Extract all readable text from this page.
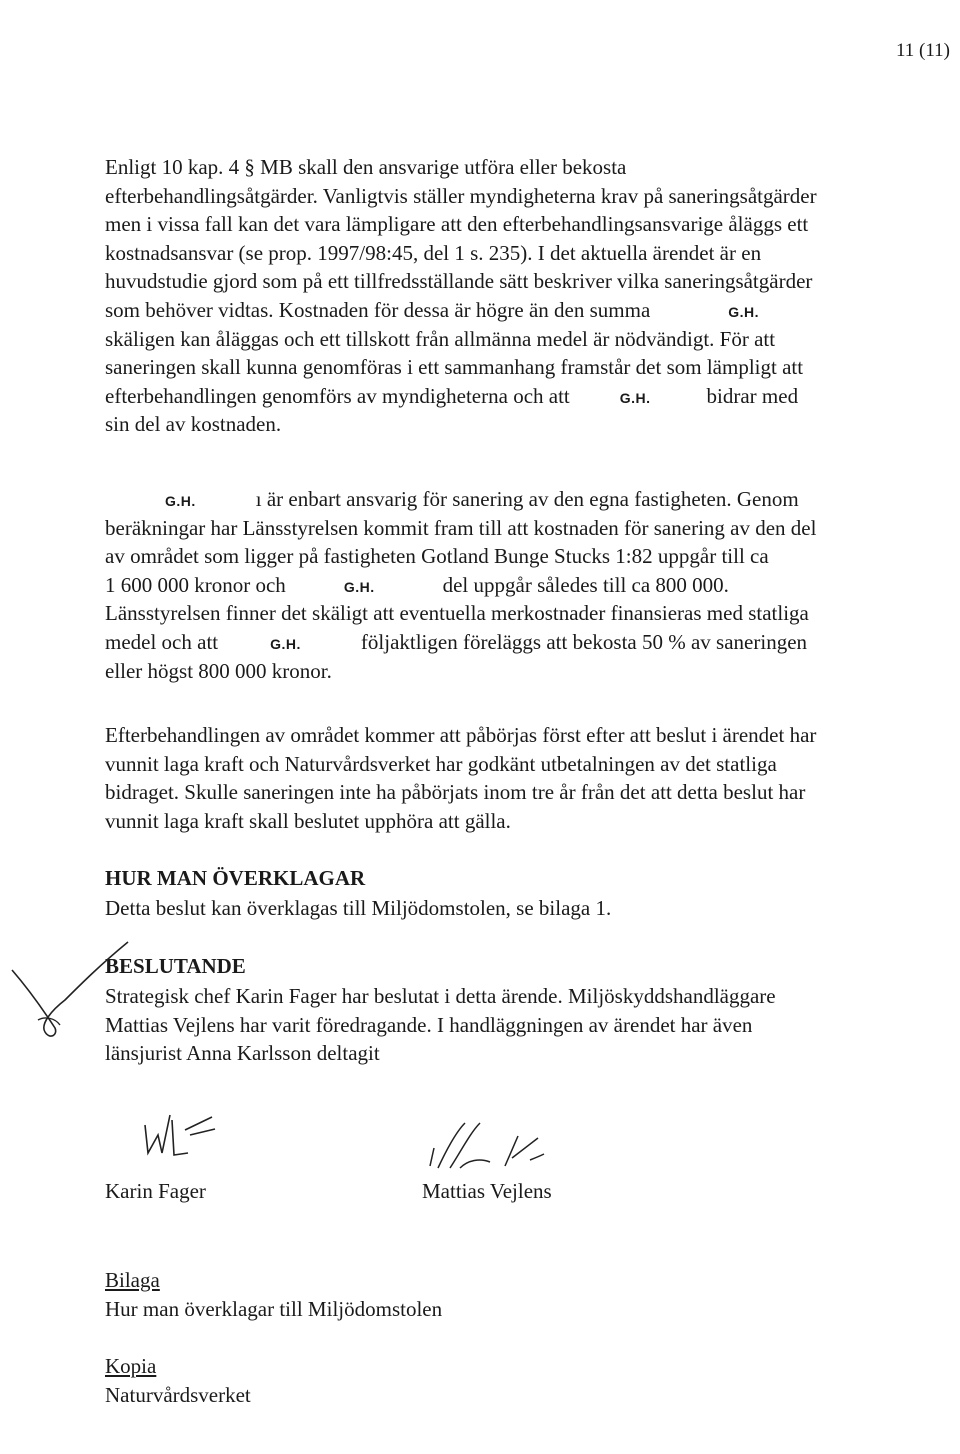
11 (11)
Enligt 10 kap. 4 § MB skall den ansvarige utföra eller bekosta
efterbehandlingsåtgärder. Vanligtvis ställer myndigheterna krav på saneringsåtgärder
men i vissa fall kan det vara lämpligare att den efterbehandlingsansvarige åläggs ett
kostnadsansvar (se prop. 1997/98:45, del 1 s. 235). I det aktuella ärendet är en
huvudstudie gjord som på ett tillfredsställande sätt beskriver vilka saneringsåtgärder
som behöver vidtas. Kostnaden för dessa är högre än den summa	G.H.
skäligen kan åläggas och ett tillskott från allmänna medel är nödvändigt. För att
saneringen skall kunna genomföras i ett sammanhang framstår det som lämpligt att
efterbehandlingen genomförs av myndigheterna och att	G.H.	bidrar med
sin del av kostnaden.
G.H.	ı är enbart ansvarig för sanering av den egna fastigheten. Genom
beräkningar har Länsstyrelsen kommit fram till att kostnaden för sanering av den del
av området som ligger på fastigheten Gotland Bunge Stucks 1:82 uppgår till ca
1 600 000 kronor och	G.H.	del uppgår således till ca 800 000.
Länsstyrelsen finner det skäligt att eventuella merkostnader finansieras med statliga
medel och att	G.H.	följaktligen föreläggs att bekosta 50 % av saneringen
eller högst 800 000 kronor.
Efterbehandlingen av området kommer att påbörjas först efter att beslut i ärendet har
vunnit laga kraft och Naturvårdsverket har godkänt utbetalningen av det statliga
bidraget. Skulle saneringen inte ha påbörjats inom tre år från det att detta beslut har
vunnit laga kraft skall beslutet upphöra att gälla.
HUR MAN ÖVERKLAGAR
Detta beslut kan överklagas till Miljödomstolen, se bilaga 1.
BESLUTANDE
Strategisk chef Karin Fager har beslutat i detta ärende. Miljöskyddshandläggare
Mattias Vejlens har varit föredragande. I handläggningen av ärendet har även
länsjurist Anna Karlsson deltagit
Karin Fager	Mattias Vejlens
Bilaga
Hur man överklagar till Miljödomstolen
Kopia
Naturvårdsverket
